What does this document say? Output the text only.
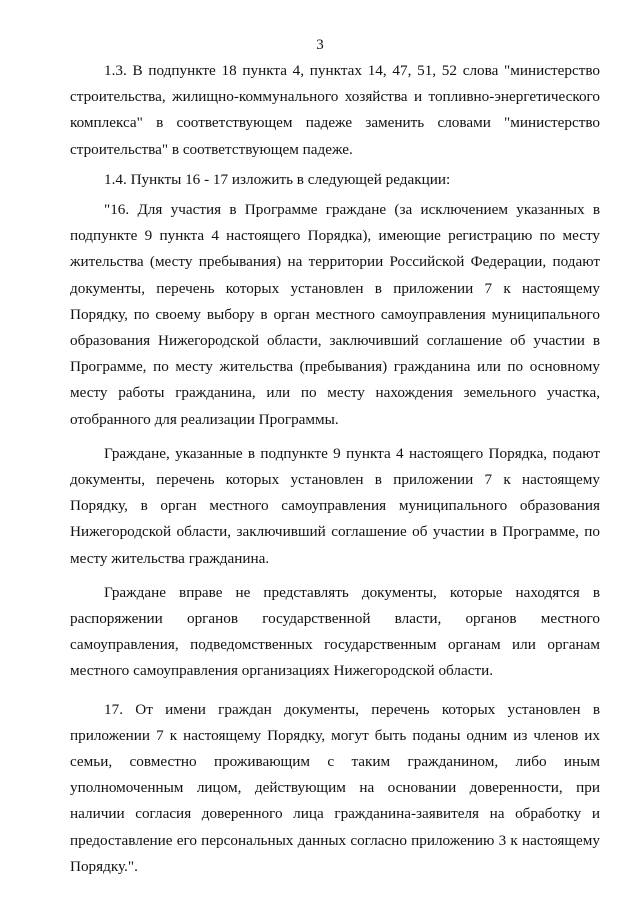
3

1.3. В подпункте 18 пункта 4, пунктах 14, 47, 51, 52 слова "министерство строительства, жилищно-коммунального хозяйства и топливно-энергетического комплекса" в соответствующем падеже заменить словами "министерство строительства" в соответствующем падеже.

1.4. Пункты 16 - 17 изложить в следующей редакции:

"16. Для участия в Программе граждане (за исключением указанных в подпункте 9 пункта 4 настоящего Порядка), имеющие регистрацию по месту жительства (месту пребывания) на территории Российской Федерации, подают документы, перечень которых установлен в приложении 7 к настоящему Порядку, по своему выбору в орган местного самоуправления муниципального образования Нижегородской области, заключивший соглашение об участии в Программе, по месту жительства (пребывания) гражданина или по основному месту работы гражданина, или по месту нахождения земельного участка, отобранного для реализации Программы.

Граждане, указанные в подпункте 9 пункта 4 настоящего Порядка, подают документы, перечень которых установлен в приложении 7 к настоящему Порядку, в орган местного самоуправления муниципального образования Нижегородской области, заключивший соглашение об участии в Программе, по месту жительства гражданина.

Граждане вправе не представлять документы, которые находятся в распоряжении органов государственной власти, органов местного самоуправления, подведомственных государственным органам или органам местного самоуправления организациях Нижегородской области.

17. От имени граждан документы, перечень которых установлен в приложении 7 к настоящему Порядку, могут быть поданы одним из членов их семьи, совместно проживающим с таким гражданином, либо иным уполномоченным лицом, действующим на основании доверенности, при наличии согласия доверенного лица гражданина-заявителя на обработку и предоставление его персональных данных согласно приложению 3 к настоящему Порядку.".
